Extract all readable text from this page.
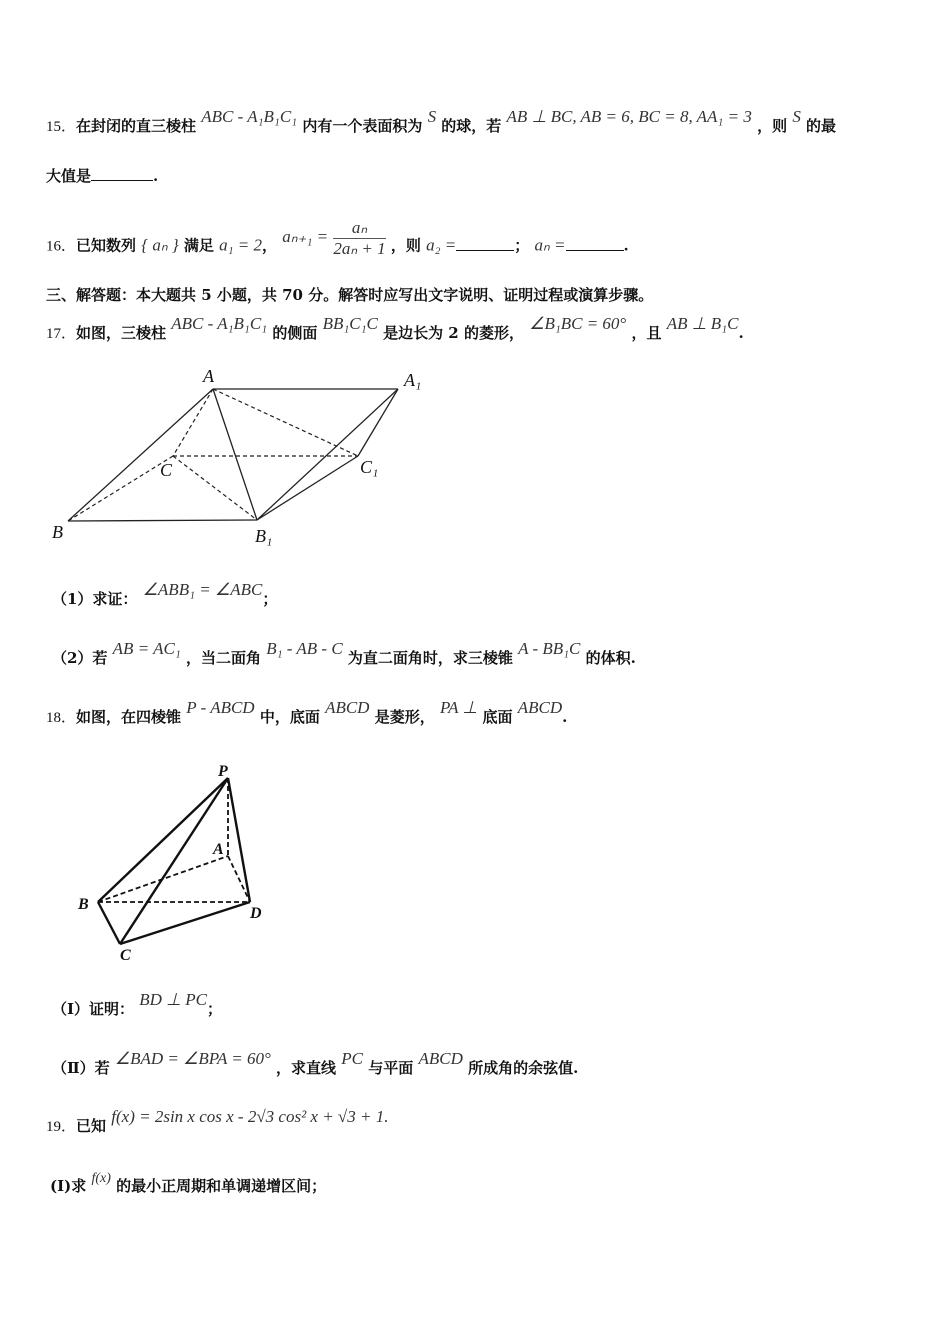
15．在封闭的直三棱柱 ABC - A₁B₁C₁ 内有一个表面积为 S 的球，若 AB ⊥ BC, AB = 6, BC = 8, AA₁ = 3 ，则 S 的最
大值是	.
16．已知数列 { aₙ } 满足 a₁ = 2， $a_{n+1} = \frac{\text{aₙ}}{\text{2aₙ + 1}}$ ，则 a₂ =	； aₙ =	.
三、解答题：本大题共 5 小题，共 70 分。解答时应写出文字说明、证明过程或演算步骤。
17．如图，三棱柱 ABC - A₁B₁C₁ 的侧面 BB₁C₁C 是边长为 2 的菱形， ∠B₁BC = 60° ，且 AB ⊥ B₁C.
A	A₁
C	C₁
B	B₁
（1）求证： ∠ABB₁ = ∠ABC；
（2）若 AB = AC₁ ，当二面角 B₁ - AB - C 为直二面角时，求三棱锥 A - BB₁C 的体积.
18．如图，在四棱锥 P - ABCD 中，底面 ABCD 是菱形， PA ⊥ 底面 ABCD.
P
A
B
C
D
（Ⅰ）证明： BD ⊥ PC；
（Ⅱ）若 ∠BAD = ∠BPA = 60° ，求直线 PC 与平面 ABCD 所成角的余弦值.
19．已知 f(x) = 2sin x cos x - 2√3 cos² x + √3 + 1.
(I)求 f(x) 的最小正周期和单调递增区间；
